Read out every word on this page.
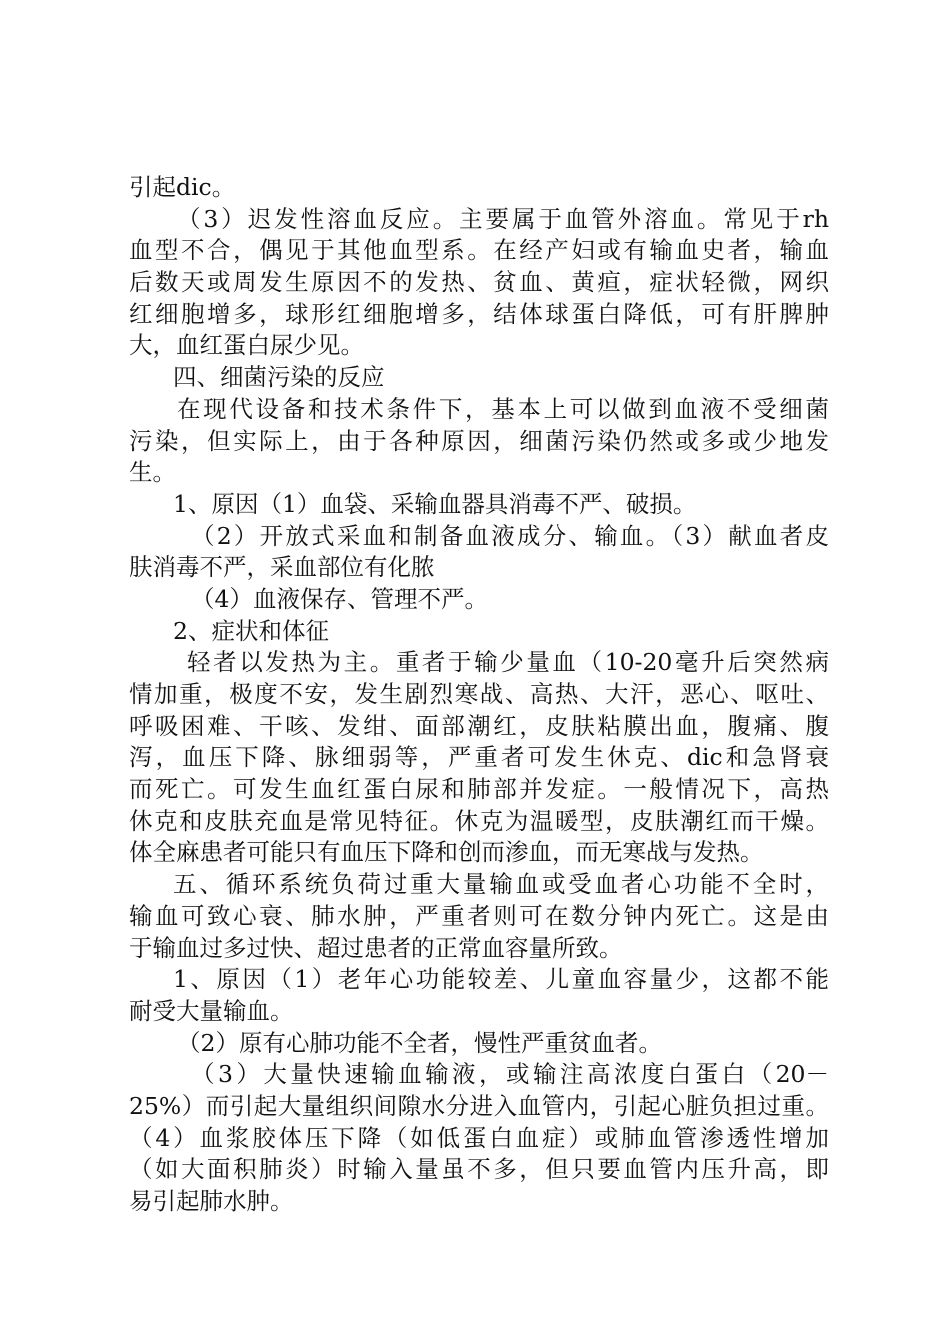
引起dic。
（3）迟发性溶血反应。主要属于血管外溶血。常见于rh
血型不合，偶见于其他血型系。在经产妇或有输血史者，输血
后数天或周发生原因不的发热、贫血、黄疸，症状轻微，网织
红细胞增多，球形红细胞增多，结体球蛋白降低，可有肝脾肿
大，血红蛋白尿少见。
四、细菌污染的反应
在现代设备和技术条件下，基本上可以做到血液不受细菌
污染，但实际上，由于各种原因，细菌污染仍然或多或少地发
生。
1、原因（1）血袋、采输血器具消毒不严、破损。
（2）开放式采血和制备血液成分、输血。（3）献血者皮
肤消毒不严，采血部位有化脓
（4）血液保存、管理不严。
2、症状和体征
轻者以发热为主。重者于输少量血（10-20毫升后突然病
情加重，极度不安，发生剧烈寒战、高热、大汗，恶心、呕吐、
呼吸困难、干咳、发绀、面部潮红，皮肤粘膜出血，腹痛、腹
泻，血压下降、脉细弱等，严重者可发生休克、dic和急肾衰
而死亡。可发生血红蛋白尿和肺部并发症。一般情况下，高热
休克和皮肤充血是常见特征。休克为温暖型，皮肤潮红而干燥。
体全麻患者可能只有血压下降和创而渗血，而无寒战与发热。
五、循环系统负荷过重大量输血或受血者心功能不全时，
输血可致心衰、肺水肿，严重者则可在数分钟内死亡。这是由
于输血过多过快、超过患者的正常血容量所致。
1、原因（1）老年心功能较差、儿童血容量少，这都不能
耐受大量输血。
（2）原有心肺功能不全者，慢性严重贫血者。
（3）大量快速输血输液，或输注高浓度白蛋白（20－
25%）而引起大量组织间隙水分进入血管内，引起心脏负担过重。
（4）血浆胶体压下降（如低蛋白血症）或肺血管渗透性增加
（如大面积肺炎）时输入量虽不多，但只要血管内压升高，即
易引起肺水肿。
